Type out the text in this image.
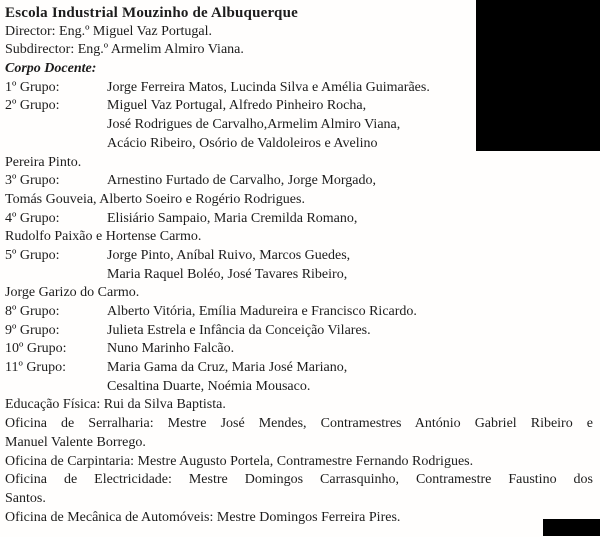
Escola Industrial Mouzinho de Albuquerque
Director: Eng.º Miguel Vaz Portugal.
Subdirector: Eng.º Armelim Almiro Viana.
Corpo Docente:
1º Grupo:	Jorge Ferreira Matos, Lucinda Silva e Amélia Guimarães.
2º Grupo:	Miguel Vaz Portugal, Alfredo Pinheiro Rocha,
José Rodrigues de Carvalho,Armelim Almiro Viana,
Acácio Ribeiro, Osório de Valdoleiros e Avelino
Pereira Pinto.
3º Grupo:	Arnestino Furtado de Carvalho, Jorge Morgado,
Tomás Gouveia, Alberto Soeiro e Rogério Rodrigues.
4º Grupo:	Elisiário Sampaio, Maria Cremilda Romano,
Rudolfo Paixão e Hortense Carmo.
5º Grupo:	Jorge Pinto, Aníbal Ruivo, Marcos Guedes,
Maria Raquel Boléo, José Tavares Ribeiro,
Jorge Garizo do Carmo.
8º Grupo:	Alberto Vitória, Emília Madureira e Francisco Ricardo.
9º Grupo:	Julieta Estrela e Infância da Conceição Vilares.
10º Grupo:	Nuno Marinho Falcão.
11º Grupo:	Maria Gama da Cruz, Maria José Mariano,
Cesaltina Duarte, Noémia Mousaco.
Educação Física: Rui da Silva Baptista.
Oficina de Serralharia: Mestre José Mendes, Contramestres António Gabriel Ribeiro e
Manuel Valente Borrego.
Oficina de Carpintaria: Mestre Augusto Portela, Contramestre Fernando Rodrigues.
Oficina de Electricidade: Mestre Domingos Carrasquinho, Contramestre Faustino dos
Santos.
Oficina de Mecânica de Automóveis: Mestre Domingos Ferreira Pires.
